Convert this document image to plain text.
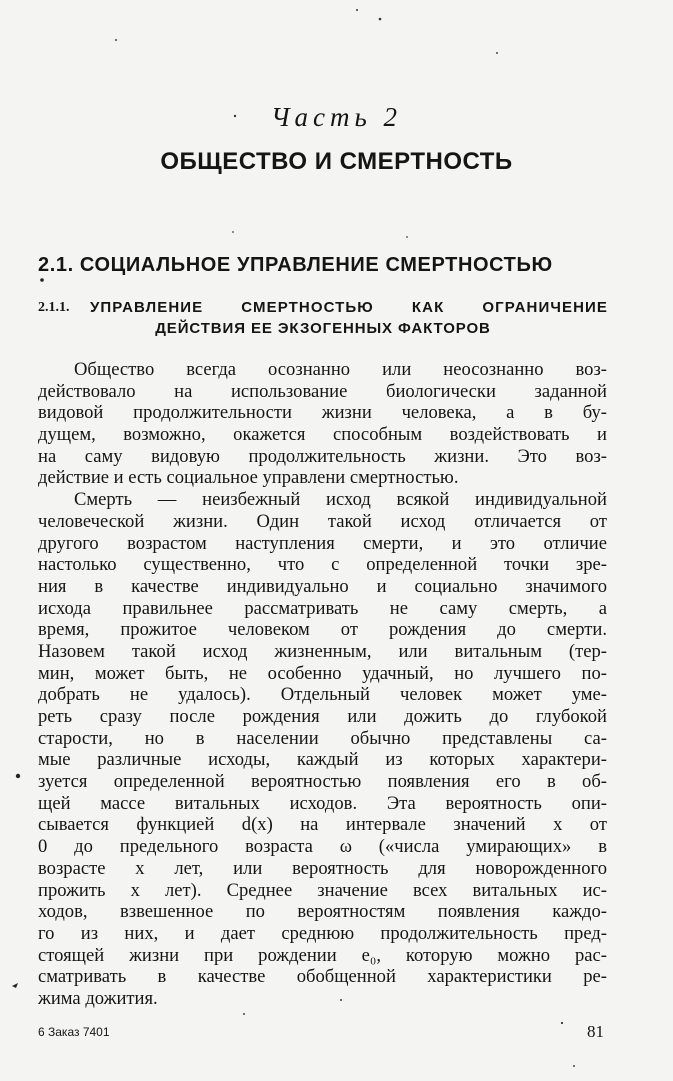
Часть 2
ОБЩЕСТВО И СМЕРТНОСТЬ
2.1. СОЦИАЛЬНОЕ УПРАВЛЕНИЕ СМЕРТНОСТЬЮ
2.1.1. УПРАВЛЕНИЕ СМЕРТНОСТЬЮ КАК ОГРАНИЧЕНИЕ
ДЕЙСТВИЯ ЕЕ ЭКЗОГЕННЫХ ФАКТОРОВ
Общество всегда осознанно или неосознанно воз-
действовало на использование биологически заданной
видовой продолжительности жизни человека, а в бу-
дущем, возможно, окажется способным воздействовать и
на саму видовую продолжительность жизни. Это воз-
действие и есть социальное управлени смертностью.
Смерть — неизбежный исход всякой индивидуальной
человеческой жизни. Один такой исход отличается от
другого возрастом наступления смерти, и это отличие
настолько существенно, что с определенной точки зре-
ния в качестве индивидуально и социально значимого
исхода правильнее рассматривать не саму смерть, а
время, прожитое человеком от рождения до смерти.
Назовем такой исход жизненным, или витальным (тер-
мин, может быть, не особенно удачный, но лучшего по-
добрать не удалось). Отдельный человек может уме-
реть сразу после рождения или дожить до глубокой
старости, но в населении обычно представлены са-
мые различные исходы, каждый из которых характери-
зуется определенной вероятностью появления его в об-
щей массе витальных исходов. Эта вероятность опи-
сывается функцией d(x) на интервале значений x от
0 до предельного возраста ω («числа умирающих» в
возрасте x лет, или вероятность для новорожденного
прожить x лет). Среднее значение всех витальных ис-
ходов, взвешенное по вероятностям появления каждо-
го из них, и дает среднюю продолжительность пред-
стоящей жизни при рождении e₀, которую можно рас-
сматривать в качестве обобщенной характеристики ре-
жима дожития.
6 Заказ 7401	81
